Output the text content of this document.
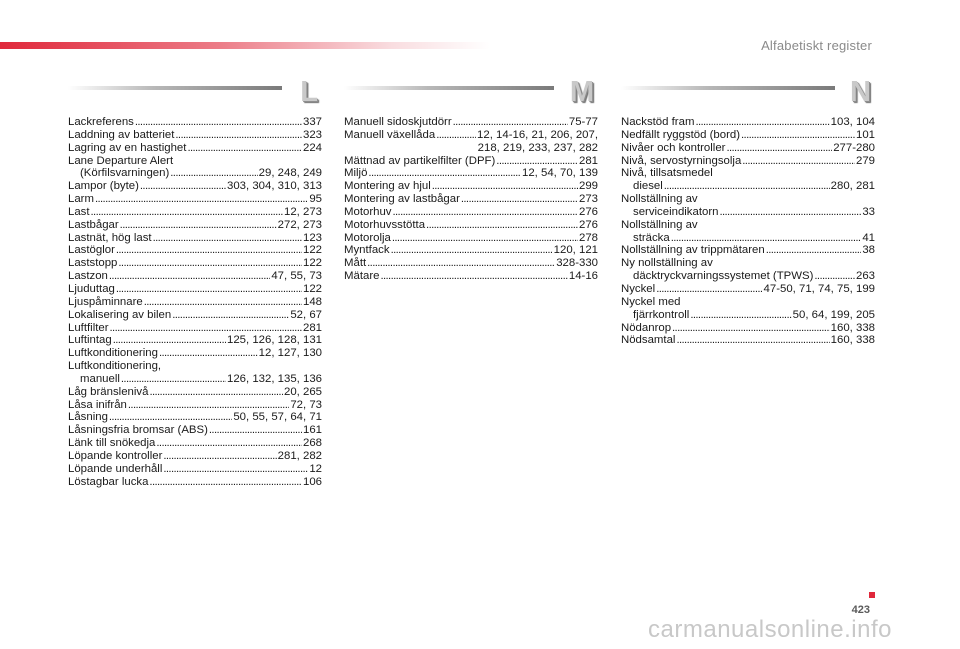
Alfabetiskt register
L
Lackreferens . . .	337
Laddning av batteriet . . .	323
Lagring av en hastighet . . .	224
Lane Departure Alert
(Körfilsvarningen) . . .	29, 248, 249
Lampor (byte) . . .	303, 304, 310, 313
Larm . . .	95
Last . . .	12, 273
Lastbågar . . .	272, 273
Lastnät, hög last . . .	123
Lastöglor . . .	122
Laststopp . . .	122
Lastzon . . .	47, 55, 73
Ljuduttag . . .	122
Ljuspåminnare . . .	148
Lokalisering av bilen . . .	52, 67
Luftfilter . . .	281
Luftintag . . .	125, 126, 128, 131
Luftkonditionering . . .	12, 127, 130
Luftkonditionering,
manuell . . .	126, 132, 135, 136
Låg bränslenivå . . .	20, 265
Låsa inifrån . . .	72, 73
Låsning . . .	50, 55, 57, 64, 71
Låsningsfria bromsar (ABS) . . .	161
Länk till snökedja . . .	268
Löpande kontroller . . .	281, 282
Löpande underhåll . . .	12
Löstagbar lucka . . .	106
M
Manuell sidoskjutdörr . . .	75-77
Manuell växellåda . . .	12, 14-16, 21, 206, 207,
218, 219, 233, 237, 282
Mättnad av partikelfilter (DPF) . . .	281
Miljö . . .	12, 54, 70, 139
Montering av hjul . . .	299
Montering av lastbågar . . .	273
Motorhuv . . .	276
Motorhuvsstötta . . .	276
Motorolja . . .	278
Myntfack . . .	120, 121
Mått . . .	328-330
Mätare . . .	14-16
N
Nackstöd fram . . .	103, 104
Nedfällt ryggstöd (bord) . . .	101
Nivåer och kontroller . . .	277-280
Nivå, servostyrningsolja . . .	279
Nivå, tillsatsmedel
diesel . . .	280, 281
Nollställning av
serviceindikatorn . . .	33
Nollställning av
sträcka . . .	41
Nollställning av trippmätaren . . .	38
Ny nollställning av
däcktryckvarningssystemet (TPWS) . . .	263
Nyckel . . .	47-50, 71, 74, 75, 199
Nyckel med
fjärrkontroll . . .	50, 64, 199, 205
Nödanrop . . .	160, 338
Nödsamtal . . .	160, 338
423
carmanualsonline.info
